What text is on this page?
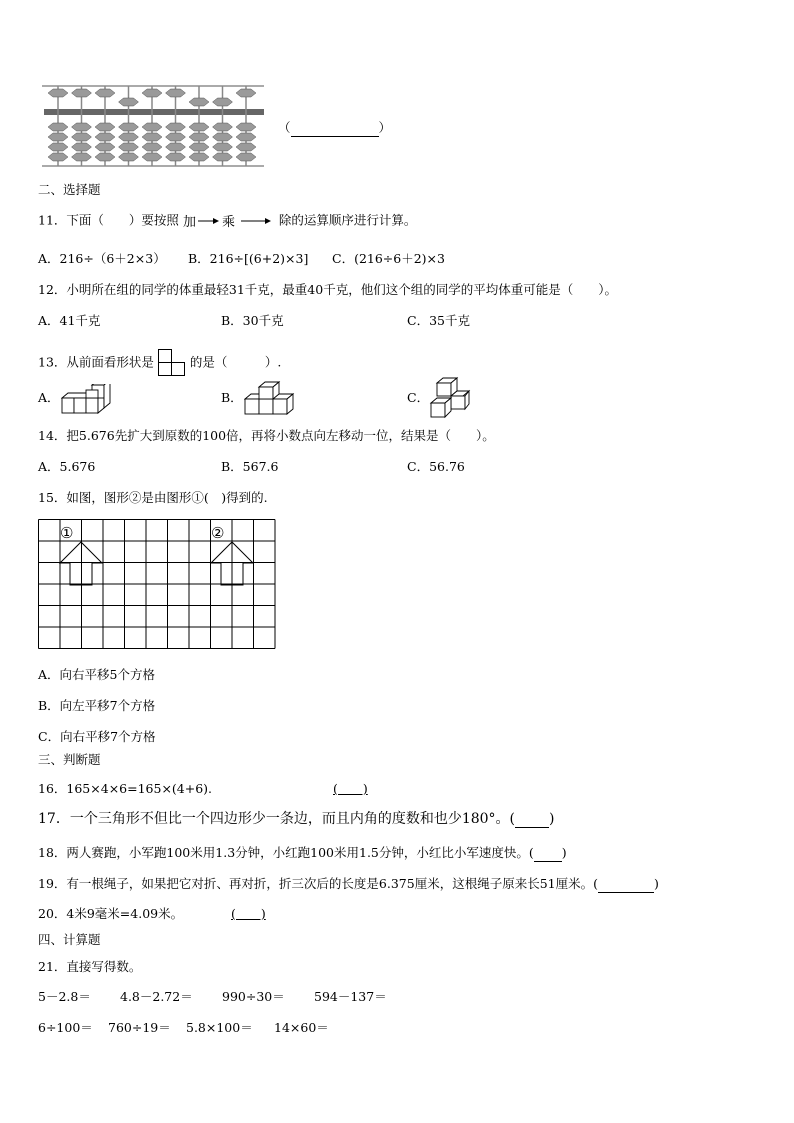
（	）
二、选择题
11．下面（　　）要按照 加 乘	除的运算顺序进行计算。
A．216÷（6＋2×3） B．216÷[(6+2)×3] C．(216÷6＋2)×3
12．小明所在组的同学的体重最轻31千克，最重40千克，他们这个组的同学的平均体重可能是（　　）。
A．41千克	B．30千克	C．35千克
13．从前面看形状是	的是（　　　）.
A．	B．	C．
14．把5.676先扩大到原数的100倍，再将小数点向左移动一位，结果是（　　）。
A．5.676	B．567.6	C．56.76
15．如图，图形②是由图形①(　)得到的.
①	②
A．向右平移5个方格
B．向左平移7个方格
C．向右平移7个方格
三、判断题
16．165×4×6=165×(4+6).	(　　)
17．一个三角形不但比一个四边形少一条边，而且内角的度数和也少180°。( )
18．两人赛跑，小军跑100米用1.3分钟，小红跑100米用1.5分钟，小红比小军速度快。( )
19．有一根绳子，如果把它对折、再对折，折三次后的长度是6.375厘米，这根绳子原来长51厘米。(	)
20．4米9毫米=4.09米。	(　　)
四、计算题
21．直接写得数。
5－2.8＝ 4.8－2.72＝ 990÷30＝ 594－137＝
6÷100＝ 760÷19＝ 5.8×100＝ 14×60＝
